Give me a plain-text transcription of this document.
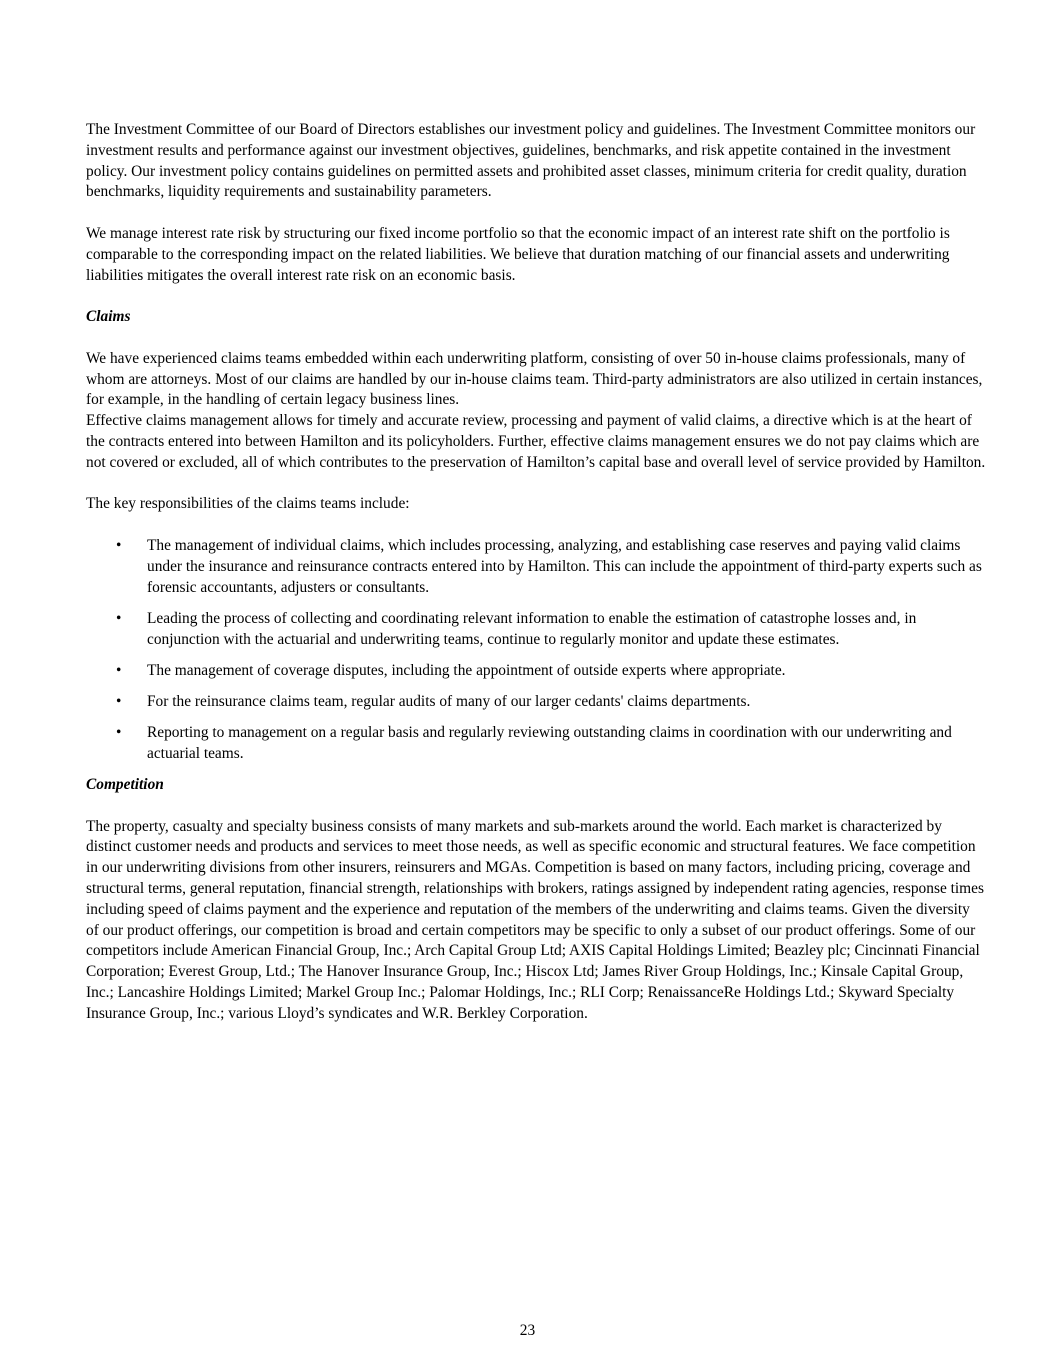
The Investment Committee of our Board of Directors establishes our investment policy and guidelines. The Investment Committee monitors our investment results and performance against our investment objectives, guidelines, benchmarks, and risk appetite contained in the investment policy. Our investment policy contains guidelines on permitted assets and prohibited asset classes, minimum criteria for credit quality, duration benchmarks, liquidity requirements and sustainability parameters.

We manage interest rate risk by structuring our fixed income portfolio so that the economic impact of an interest rate shift on the portfolio is comparable to the corresponding impact on the related liabilities. We believe that duration matching of our financial assets and underwriting liabilities mitigates the overall interest rate risk on an economic basis.

Claims

We have experienced claims teams embedded within each underwriting platform, consisting of over 50 in-house claims professionals, many of whom are attorneys. Most of our claims are handled by our in-house claims team. Third-party administrators are also utilized in certain instances, for example, in the handling of certain legacy business lines.

Effective claims management allows for timely and accurate review, processing and payment of valid claims, a directive which is at the heart of the contracts entered into between Hamilton and its policyholders. Further, effective claims management ensures we do not pay claims which are not covered or excluded, all of which contributes to the preservation of Hamilton’s capital base and overall level of service provided by Hamilton.

The key responsibilities of the claims teams include:

• The management of individual claims, which includes processing, analyzing, and establishing case reserves and paying valid claims under the insurance and reinsurance contracts entered into by Hamilton. This can include the appointment of third-party experts such as forensic accountants, adjusters or consultants.
• Leading the process of collecting and coordinating relevant information to enable the estimation of catastrophe losses and, in conjunction with the actuarial and underwriting teams, continue to regularly monitor and update these estimates.
• The management of coverage disputes, including the appointment of outside experts where appropriate.
• For the reinsurance claims team, regular audits of many of our larger cedants' claims departments.
• Reporting to management on a regular basis and regularly reviewing outstanding claims in coordination with our underwriting and actuarial teams.

Competition

The property, casualty and specialty business consists of many markets and sub-markets around the world. Each market is characterized by distinct customer needs and products and services to meet those needs, as well as specific economic and structural features. We face competition in our underwriting divisions from other insurers, reinsurers and MGAs. Competition is based on many factors, including pricing, coverage and structural terms, general reputation, financial strength, relationships with brokers, ratings assigned by independent rating agencies, response times including speed of claims payment and the experience and reputation of the members of the underwriting and claims teams. Given the diversity of our product offerings, our competition is broad and certain competitors may be specific to only a subset of our product offerings. Some of our competitors include American Financial Group, Inc.; Arch Capital Group Ltd; AXIS Capital Holdings Limited; Beazley plc; Cincinnati Financial Corporation; Everest Group, Ltd.; The Hanover Insurance Group, Inc.; Hiscox Ltd; James River Group Holdings, Inc.; Kinsale Capital Group, Inc.; Lancashire Holdings Limited; Markel Group Inc.; Palomar Holdings, Inc.; RLI Corp; RenaissanceRe Holdings Ltd.; Skyward Specialty Insurance Group, Inc.; various Lloyd’s syndicates and W.R. Berkley Corporation.

23
